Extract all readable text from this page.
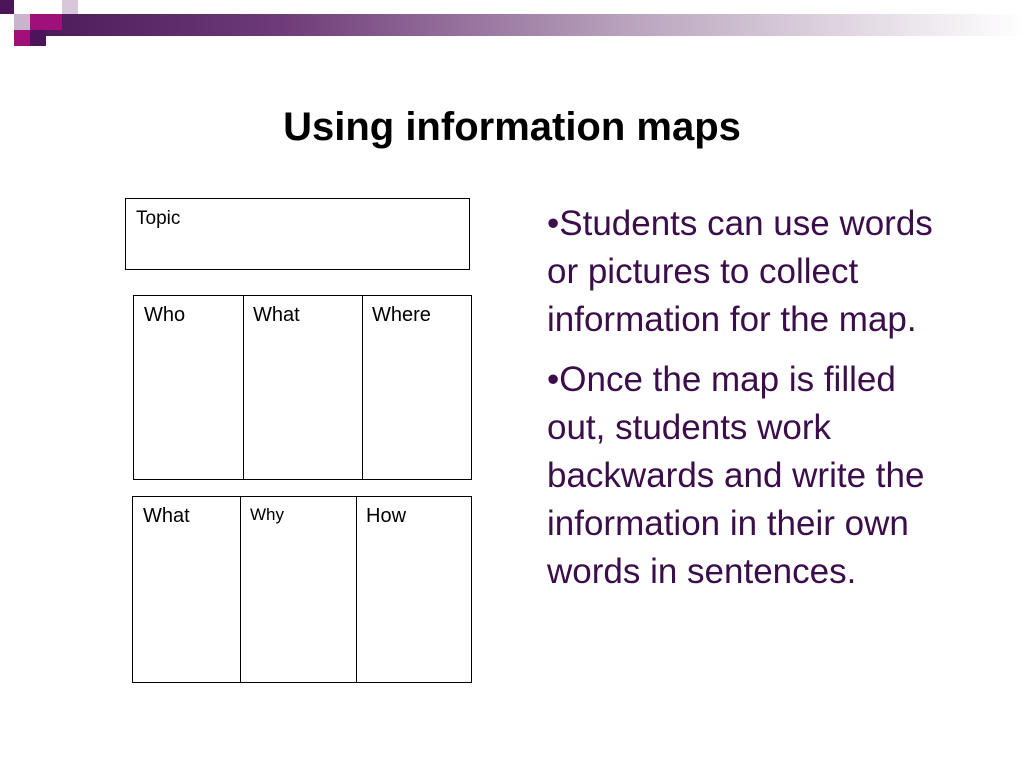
Using information maps
Topic
Who	What	Where
What	Why	How

•Students can use words or pictures to collect information for the map.

•Once the map is filled out, students work backwards and write the information in their own words in sentences.
